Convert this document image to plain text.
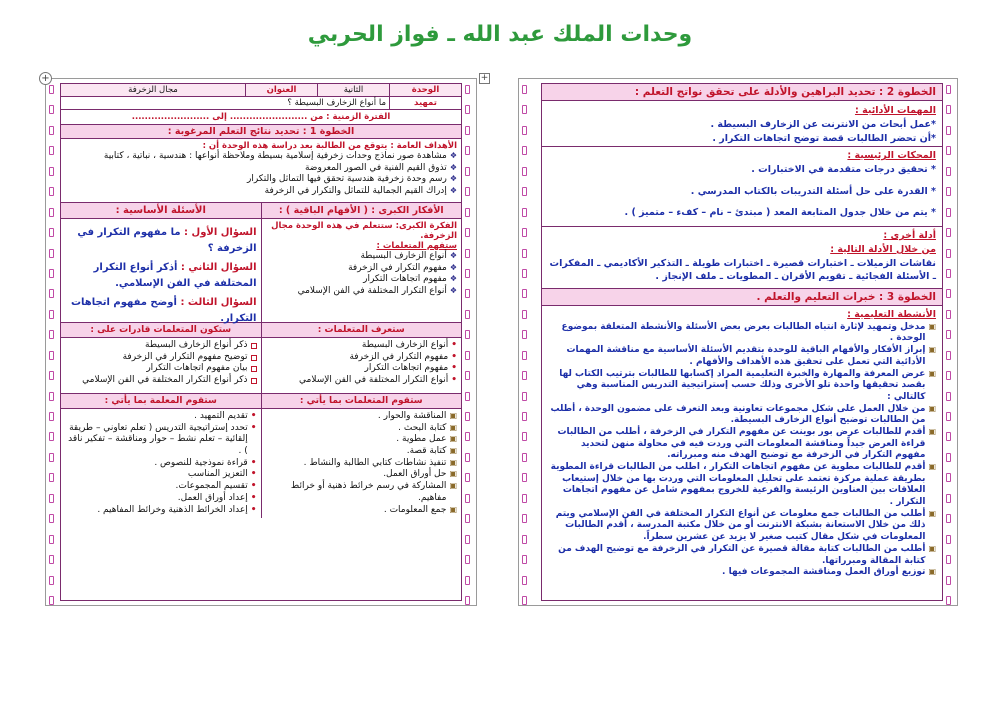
وحدات الملك عبد الله ـ فواز الحربي
+
الوحدة
الثانية
العنوان
مجال الزخرفة
تمهيد
ما أنواع الزخارف البسيطة ؟
الفترة الزمنية : من ........................ إلى ........................
الخطوة 1 : تحديد نتائج التعلم المرغوبة :
الأهداف العامة : يتوقع من الطالبة بعد دراسة هذه الوحدة أن :
❖
مشاهدة صور نماذج وحدات زخرفية إسلامية بسيطة وملاحظة أنواعها : هندسية ، نباتية ، كتابية
❖
تذوق القيم الفنية في الصور المعروضة
❖
رسم وحدة زخرفية هندسية تحقق فيها التماثل والتكرار
❖
إدراك القيم الجمالية للتماثل والتكرار في الزخرفة
الأفكار الكبرى : ( الأفهام الباقية ) :
الأسئلة الأساسية :
الفكرة الكبرى: ستتعلم في هذه الوحدة مجال الزخرفة.
ستفهم المتعلمات :
❖
أنواع الزخارف البسيطة
❖
مفهوم التكرار في الزخرفة
❖
مفهوم اتجاهات التكرار
❖
أنواع التكرار المختلفة في الفن الإسلامي
السؤال الأول : ما مفهوم التكرار في الزخرفة ؟
السؤال الثاني : أذكر أنواع التكرار المختلفة في الفن الإسلامي.
السؤال الثالث : أوضح مفهوم اتجاهات التكرار.
ستعرف المتعلمات :
ستكون المتعلمات قادرات على :
•
أنواع الزخارف البسيطة
•
مفهوم التكرار في الزخرفة
•
مفهوم اتجاهات التكرار
•
أنواع التكرار المختلفة في الفن الإسلامي
ذكر أنواع الزخارف البسيطة
توضيح مفهوم التكرار في الزخرفة
بيان مفهوم اتجاهات التكرار
ذكر أنواع التكرار المختلفة في الفن الإسلامي
ستقوم المتعلمات بما يأتي :
ستقوم المعلمة بما يأتي :
▣
المناقشة والحوار .
▣
كتابة البحث .
▣
عمل مطوية .
▣
كتابة قصة.
▣
تنفيذ نشاطات كتابي الطالبة والنشاط .
▣
حل أوراق العمل.
▣
المشاركة في رسم خرائط ذهنية أو خرائط مفاهيم.
▣
جمع المعلومات .
•
تقديم التمهيد .
•
تحدد إستراتيجية التدريس ( تعلم تعاوني – طريقة إلقائية – تعلم نشط – حوار ومناقشة – تفكير ناقد ) .
•
قراءة نموذجية للنصوص .
•
التعزيز المناسب
•
تقسيم المجموعات.
•
إعداد أوراق العمل.
•
إعداد الخرائط الذهنية وخرائط المفاهيم .
+
الخطوة 2 : تحديد البراهين والأدلة على تحقق نواتج التعلم :
المهمات الأدائية :
*عمل أبحاث من الانترنت عن الزخارف البسيطة .
*أن تحضر الطالبات قصة توضح اتجاهات التكرار .
المحكات الرئيسية :
* تحقيق درجات متقدمة في الاختبارات .
* القدرة على حل أسئلة التدريبات بالكتاب المدرسي .
* يتم من خلال جدول المتابعة المعد ( مبتدئ – نام – كفء – متميز ) .
أدلة أخرى :
من خلال الأدلة التالية :
نقاشات الزميلات ـ اختبارات قصيرة ـ اختبارات طويلة ـ التذكير الأكاديمي ـ المفكرات ـ الأسئلة الفجائية ـ تقويم الأقران ـ المطويات ـ ملف الإنجاز .
الخطوة 3 : خبرات التعليم والتعلم .
الأنشطة التعليمية :
▣
مدخل وتمهيد لإثارة انتباه الطالبات بعرض بعض الأسئلة والأنشطة المتعلقة بموضوع الوحدة .
▣
إبراز الأفكار والأفهام الباقية للوحدة بتقديم الأسئلة الأساسية مع مناقشة المهمات الأدائية التي تعمل على تحقيق هذه الأهداف والأفهام .
▣
عرض المعرفة والمهارة والخبرة التعليمية المراد إكسابها للطالبات بترتيب الكتاب لها بقصد تحقيقها واحدة تلو الأخرى وذلك حسب إستراتيجية التدريس المناسبة وهي كالتالي :
▣
من خلال العمل على شكل مجموعات تعاونية وبعد التعرف على مضمون الوحدة ، أطلب من الطالبات توضيح أنواع الزخارف البسيطة.
▣
أقدم للطالبات عرض بور بوينت عن مفهوم التكرار في الزخرفة ، أطلب من الطالبات قراءة العرض جيداً ومناقشة المعلومات التي وردت فيه في محاولة منهن لتحديد مفهوم التكرار في الزخرفة مع توضيح الهدف منه ومبرراته.
▣
أقدم للطالبات مطوية عن مفهوم اتجاهات التكرار ، اطلب من الطالبات قراءة المطوية بطريقة عملية مركزة تعتمد على تحليل المعلومات التي وردت بها من خلال إستيعاب العلاقات بين العناوين الرئيسة والفرعية للخروج بمفهوم شامل عن مفهوم اتجاهات التكرار .
▣
أطلب من الطالبات جمع معلومات عن أنواع التكرار المختلفة في الفن الإسلامي ويتم ذلك من خلال الاستعانة بشبكة الانترنت أو من خلال مكتبة المدرسة ، أقدم الطالبات المعلومات في شكل مقال كتيب صغير لا يزيد عن عشرين سطراً.
▣
أطلب من الطالبات كتابة مقالة قصيرة عن التكرار في الزخرفة مع توضيح الهدف من كتابة المقالة ومبرراتها.
▣
توزيع أوراق العمل ومناقشة المجموعات فيها .
